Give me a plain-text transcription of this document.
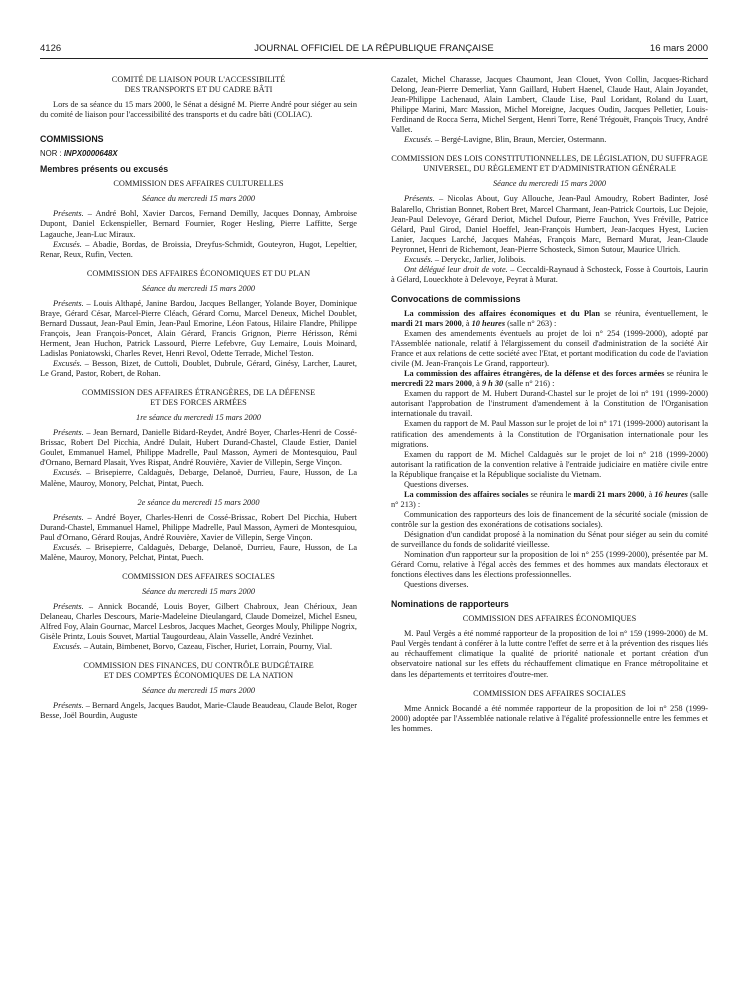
4126	JOURNAL OFFICIEL DE LA RÉPUBLIQUE FRANÇAISE	16 mars 2000

COMITÉ DE LIAISON POUR L'ACCESSIBILITÉ
DES TRANSPORTS ET DU CADRE BÂTI

Lors de sa séance du 15 mars 2000, le Sénat a désigné M. Pierre André pour siéger au sein du comité de liaison pour l'accessibilité des transports et du cadre bâti (COLIAC).

COMMISSIONS

NOR : INPX0000648X

Membres présents ou excusés

COMMISSION DES AFFAIRES CULTURELLES

Séance du mercredi 15 mars 2000

Présents. – André Bohl, Xavier Darcos, Fernand Demilly, Jacques Donnay, Ambroise Dupont, Daniel Eckenspieller, Bernard Fournier, Roger Hesling, Pierre Laffitte, Serge Lagauche, Jean-Luc Miraux.

Excusés. – Abadie, Bordas, de Broissia, Dreyfus-Schmidt, Gouteyron, Hugot, Lepeltier, Renar, Reux, Rufin, Vecten.

COMMISSION DES AFFAIRES ÉCONOMIQUES ET DU PLAN

Séance du mercredi 15 mars 2000

Présents. – Louis Althapé, Janine Bardou, Jacques Bellanger, Yolande Boyer, Dominique Braye, Gérard César, Marcel-Pierre Cléach, Gérard Cornu, Marcel Deneux, Michel Doublet, Bernard Dussaut, Jean-Paul Emin, Jean-Paul Emorine, Léon Fatous, Hilaire Flandre, Philippe François, Jean François-Poncet, Alain Gérard, Francis Grignon, Pierre Hérisson, Rémi Herment, Jean Huchon, Patrick Lassourd, Pierre Lefebvre, Guy Lemaire, Louis Moinard, Ladislas Poniatowski, Charles Revet, Henri Revol, Odette Terrade, Michel Teston.

Excusés. – Besson, Bizet, de Cuttoli, Doublet, Dubrule, Gérard, Ginésy, Larcher, Lauret, Le Grand, Pastor, Robert, de Rohan.

COMMISSION DES AFFAIRES ÉTRANGÈRES, DE LA DÉFENSE
ET DES FORCES ARMÉES

1re séance du mercredi 15 mars 2000

Présents. – Jean Bernard, Danielle Bidard-Reydet, André Boyer, Charles-Henri de Cossé-Brissac, Robert Del Picchia, André Dulait, Hubert Durand-Chastel, Claude Estier, Daniel Goulet, Emmanuel Hamel, Philippe Madrelle, Paul Masson, Aymeri de Montesquiou, Paul d'Ornano, Bernard Plasait, Yves Rispat, André Rouvière, Xavier de Villepin, Serge Vinçon.

Excusés. – Brisepierre, Caldaguès, Debarge, Delanoë, Durrieu, Faure, Husson, de La Malène, Mauroy, Monory, Pelchat, Pintat, Puech.

2e séance du mercredi 15 mars 2000

Présents. – André Boyer, Charles-Henri de Cossé-Brissac, Robert Del Picchia, Hubert Durand-Chastel, Emmanuel Hamel, Philippe Madrelle, Paul Masson, Aymeri de Montesquiou, Paul d'Ornano, Gérard Roujas, André Rouvière, Xavier de Villepin, Serge Vinçon.

Excusés. – Brisepierre, Caldaguès, Debarge, Delanoë, Durrieu, Faure, Husson, de La Malène, Mauroy, Monory, Pelchat, Pintat, Puech.

COMMISSION DES AFFAIRES SOCIALES

Séance du mercredi 15 mars 2000

Présents. – Annick Bocandé, Louis Boyer, Gilbert Chabroux, Jean Chérioux, Jean Delaneau, Charles Descours, Marie-Madeleine Dieulangard, Claude Domeizel, Michel Esneu, Alfred Foy, Alain Gournac, Marcel Lesbros, Jacques Machet, Georges Mouly, Philippe Nogrix, Gisèle Printz, Louis Souvet, Martial Taugourdeau, Alain Vasselle, André Vezinhet.

Excusés. – Autain, Bimbenet, Borvo, Cazeau, Fischer, Huriet, Lorrain, Pourny, Vial.

COMMISSION DES FINANCES, DU CONTRÔLE BUDGÉTAIRE
ET DES COMPTES ÉCONOMIQUES DE LA NATION

Séance du mercredi 15 mars 2000

Présents. – Bernard Angels, Jacques Baudot, Marie-Claude Beaudeau, Claude Belot, Roger Besse, Joël Bourdin, Auguste

Cazalet, Michel Charasse, Jacques Chaumont, Jean Clouet, Yvon Collin, Jacques-Richard Delong, Jean-Pierre Demerliat, Yann Gaillard, Hubert Haenel, Claude Haut, Alain Joyandet, Jean-Philippe Lachenaud, Alain Lambert, Claude Lise, Paul Loridant, Roland du Luart, Philippe Marini, Marc Massion, Michel Moreigne, Jacques Oudin, Jacques Pelletier, Louis-Ferdinand de Rocca Serra, Michel Sergent, Henri Torre, René Trégouët, François Trucy, André Vallet.

Excusés. – Bergé-Lavigne, Blin, Braun, Mercier, Ostermann.

COMMISSION DES LOIS CONSTITUTIONNELLES, DE LÉGISLATION, DU SUFFRAGE UNIVERSEL, DU RÈGLEMENT ET D'ADMINISTRATION GÉNÉRALE

Séance du mercredi 15 mars 2000

Présents. – Nicolas About, Guy Allouche, Jean-Paul Amoudry, Robert Badinter, José Balarello, Christian Bonnet, Robert Bret, Marcel Charmant, Jean-Patrick Courtois, Luc Dejoie, Jean-Paul Delevoye, Gérard Deriot, Michel Dufour, Pierre Fauchon, Yves Fréville, Patrice Gélard, Paul Girod, Daniel Hoeffel, Jean-François Humbert, Jean-Jacques Hyest, Lucien Lanier, Jacques Larché, Jacques Mahéas, François Marc, Bernard Murat, Jean-Claude Peyronnet, Henri de Richemont, Jean-Pierre Schosteck, Simon Sutour, Maurice Ulrich.

Excusés. – Deryckc, Jarlier, Jolibois.

Ont délégué leur droit de vote. – Ceccaldi-Raynaud à Schosteck, Fosse à Courtois, Laurin à Gélard, Loueckhote à Delevoye, Peyrat à Murat.

Convocations de commissions

La commission des affaires économiques et du Plan se réunira, éventuellement, le mardi 21 mars 2000, à 10 heures (salle n° 263) :

Examen des amendements éventuels au projet de loi n° 254 (1999-2000), adopté par l'Assemblée nationale, relatif à l'élargissement du conseil d'administration de la société Air France et aux relations de cette société avec l'Etat, et portant modification du code de l'aviation civile (M. Jean-François Le Grand, rapporteur).

La commission des affaires étrangères, de la défense et des forces armées se réunira le mercredi 22 mars 2000, à 9 h 30 (salle n° 216) :

Examen du rapport de M. Hubert Durand-Chastel sur le projet de loi n° 191 (1999-2000) autorisant l'approbation de l'instrument d'amendement à la Constitution de l'Organisation internationale du travail.

Examen du rapport de M. Paul Masson sur le projet de loi n° 171 (1999-2000) autorisant la ratification des amendements à la Constitution de l'Organisation internationale pour les migrations.

Examen du rapport de M. Michel Caldaguès sur le projet de loi n° 218 (1999-2000) autorisant la ratification de la convention relative à l'entraide judiciaire en matière civile entre la République française et la République socialiste du Vietnam.

Questions diverses.

La commission des affaires sociales se réunira le mardi 21 mars 2000, à 16 heures (salle n° 213) :

Communication des rapporteurs des lois de financement de la sécurité sociale (mission de contrôle sur la gestion des exonérations de cotisations sociales).

Désignation d'un candidat proposé à la nomination du Sénat pour siéger au sein du comité de surveillance du fonds de solidarité vieillesse.

Nomination d'un rapporteur sur la proposition de loi n° 255 (1999-2000), présentée par M. Gérard Cornu, relative à l'égal accès des femmes et des hommes aux mandats électoraux et fonctions électives dans les élections professionnelles.

Questions diverses.

Nominations de rapporteurs

COMMISSION DES AFFAIRES ÉCONOMIQUES

M. Paul Vergès a été nommé rapporteur de la proposition de loi n° 159 (1999-2000) de M. Paul Vergès tendant à conférer à la lutte contre l'effet de serre et à la prévention des risques liés au réchauffement climatique la qualité de priorité nationale et portant création d'un observatoire national sur les effets du réchauffement climatique en France métropolitaine et dans les départements et territoires d'outre-mer.

COMMISSION DES AFFAIRES SOCIALES

Mme Annick Bocandé a été nommée rapporteur de la proposition de loi n° 258 (1999-2000) adoptée par l'Assemblée nationale relative à l'égalité professionnelle entre les femmes et les hommes.
